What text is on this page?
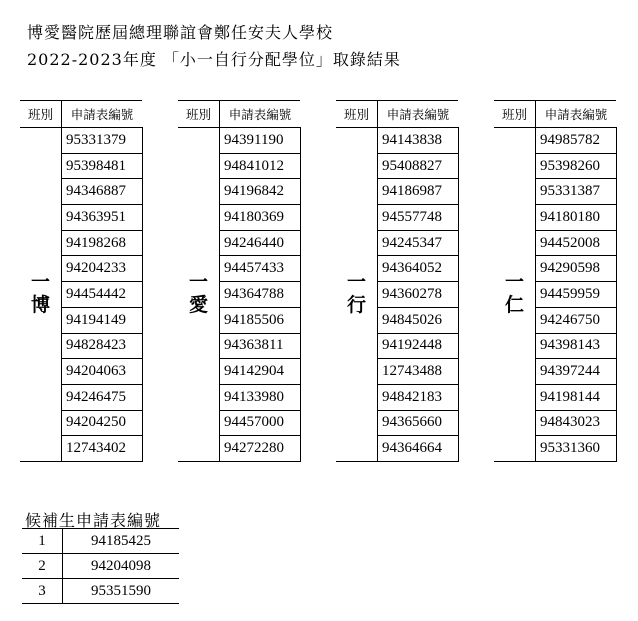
博愛醫院歷屆總理聯誼會鄭任安夫人學校
2022-2023年度 「小一自行分配學位」取錄結果
班別	申請表編號

一
博	95331379
	95398481
	94346887
	94363951
	94198268
	94204233
	94454442
	94194149
	94828423
	94204063
	94246475
	94204250
	12743402
班別	申請表編號

一
愛	94391190
	94841012
	94196842
	94180369
	94246440
	94457433
	94364788
	94185506
	94363811
	94142904
	94133980
	94457000
	94272280
班別	申請表編號

一
行	94143838
	95408827
	94186987
	94557748
	94245347
	94364052
	94360278
	94845026
	94192448
	12743488
	94842183
	94365660
	94364664
班別	申請表編號

一
仁	94985782
	95398260
	95331387
	94180180
	94452008
	94290598
	94459959
	94246750
	94398143
	94397244
	94198144
	94843023
	95331360
候補生申請表編號
1	94185425
2	94204098
3	95351590
